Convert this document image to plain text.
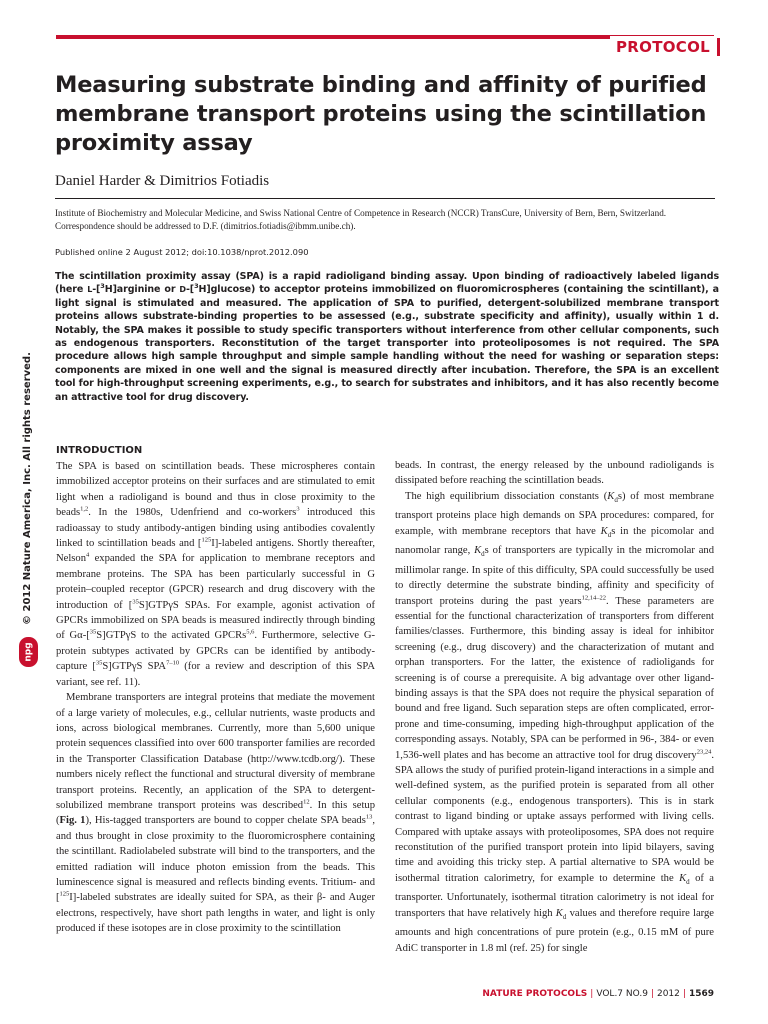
PROTOCOL
Measuring substrate binding and affinity of purified membrane transport proteins using the scintillation proximity assay
Daniel Harder & Dimitrios Fotiadis
Institute of Biochemistry and Molecular Medicine, and Swiss National Centre of Competence in Research (NCCR) TransCure, University of Bern, Bern, Switzerland.
Correspondence should be addressed to D.F. (dimitrios.fotiadis@ibmm.unibe.ch).
Published online 2 August 2012; doi:10.1038/nprot.2012.090

The scintillation proximity assay (SPA) is a rapid radioligand binding assay. Upon binding of radioactively labeled ligands (here L-[$^3$H]arginine or D-[$^3$H]glucose) to acceptor proteins immobilized on fluoromicrospheres (containing the scintillant), a light signal is stimulated and measured. The application of SPA to purified, detergent-solubilized membrane transport proteins allows substrate-binding properties to be assessed (e.g., substrate specificity and affinity), usually within 1 d. Notably, the SPA makes it possible to study specific transporters without interference from other cellular components, such as endogenous transporters. Reconstitution of the target transporter into proteoliposomes is not required. The SPA procedure allows high sample throughput and simple sample handling without the need for washing or separation steps: components are mixed in one well and the signal is measured directly after incubation. Therefore, the SPA is an excellent tool for high-throughput screening experiments, e.g., to search for substrates and inhibitors, and it has also recently become an attractive tool for drug discovery.

© 2012 Nature America, Inc. All rights reserved.
npg
INTRODUCTION

The SPA is based on scintillation beads. These microspheres contain immobilized acceptor proteins on their surfaces and are stimulated to emit light when a radioligand is bound and thus in close proximity to the beads$^{1,2}$. In the 1980s, Udenfriend and co-workers$^3$ introduced this radioassay to study antibody-antigen binding using antibodies covalently linked to scintillation beads and [$^{125}$I]-labeled antigens. Shortly thereafter, Nelson$^4$ expanded the SPA for application to membrane receptors and membrane proteins. The SPA has been particularly successful in G protein–coupled receptor (GPCR) research and drug discovery with the introduction of [$^{35}$S]GTPγS SPAs. For example, agonist activation of GPCRs immobilized on SPA beads is measured indirectly through binding of Gα-[$^{35}$S]GTPγS to the activated GPCRs$^{5,6}$. Furthermore, selective G-protein subtypes activated by GPCRs can be identified by antibody-capture [$^{35}$S]GTPγS SPA$^{7-10}$ (for a review and description of this SPA variant, see ref. 11).

Membrane transporters are integral proteins that mediate the movement of a large variety of molecules, e.g., cellular nutrients, waste products and ions, across biological membranes. Currently, more than 5,600 unique protein sequences classified into over 600 transporter families are recorded in the Transporter Classification Database (http://www.tcdb.org/). These numbers nicely reflect the functional and structural diversity of membrane transport proteins. Recently, an application of the SPA to detergent-solubilized membrane transport proteins was described$^{12}$. In this setup (Fig. 1), His-tagged transporters are bound to copper chelate SPA beads$^{13}$, and thus brought in close proximity to the fluoromicrosphere containing the scintillant. Radiolabeled substrate will bind to the transporters, and the emitted radiation will induce photon emission from the beads. This luminescence signal is measured and reflects binding events. Tritium- and [$^{125}$I]-labeled substrates are ideally suited for SPA, as their β- and Auger electrons, respectively, have short path lengths in water, and light is only produced if these isotopes are in close proximity to the scintillation

beads. In contrast, the energy released by the unbound radioligands is dissipated before reaching the scintillation beads.

The high equilibrium dissociation constants $(K_ds)$ of most membrane transport proteins place high demands on SPA procedures: compared, for example, with membrane receptors that have $K_ds$ in the picomolar and nanomolar range, $K_ds$ of transporters are typically in the micromolar and millimolar range. In spite of this difficulty, SPA could successfully be used to directly determine the substrate binding, affinity and specificity of transport proteins during the past years$^{12,14-22}$. These parameters are essential for the functional characterization of transporters from different families/classes. Furthermore, this binding assay is ideal for inhibitor screening (e.g., drug discovery) and the characterization of mutant and orphan transporters. For the latter, the existence of radioligands for screening is of course a prerequisite. A big advantage over other ligand-binding assays is that the SPA does not require the physical separation of bound and free ligand. Such separation steps are often complicated, error-prone and time-consuming, impeding high-throughput application of the corresponding assays. Notably, SPA can be performed in 96-, 384- or even 1,536-well plates and has become an attractive tool for drug discovery$^{23,24}$. SPA allows the study of purified protein-ligand interactions in a simple and well-defined system, as the purified protein is separated from all other cellular components (e.g., endogenous transporters). This is in stark contrast to ligand binding or uptake assays performed with living cells. Compared with uptake assays with proteoliposomes, SPA does not require reconstitution of the purified transport protein into lipid bilayers, saving time and avoiding this tricky step. A partial alternative to SPA would be isothermal titration calorimetry, for example to determine the $K_d$ of a transporter. Unfortunately, isothermal titration calorimetry is not ideal for transporters that have relatively high $K_d$ values and therefore require large amounts and high concentrations of pure protein (e.g., 0.15 mM of pure AdiC transporter in 1.8 ml (ref. 25) for single

NATURE PROTOCOLS | VOL.7 NO.9 | 2012 | 1569
